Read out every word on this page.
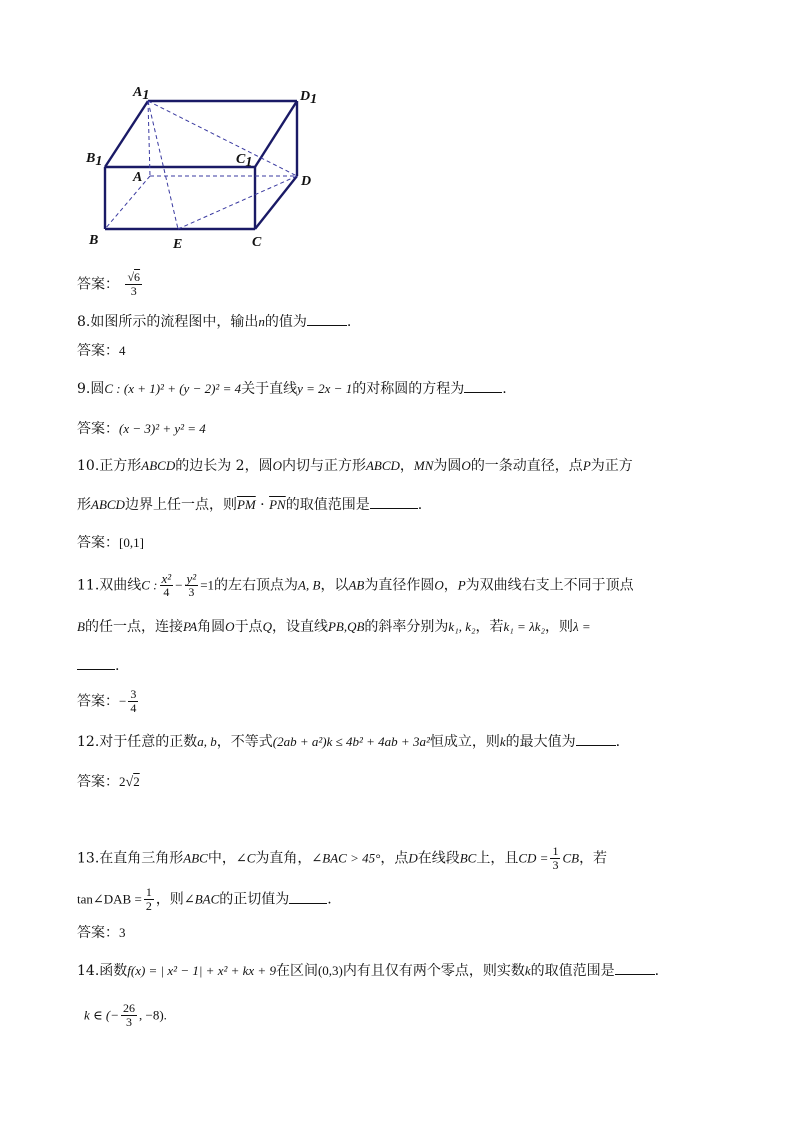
A1	D1
B1	C1
A	D
B	E	C
答案： $\frac{√6}{3}$
8.如图所示的流程图中，输出n的值为	.
答案：4
9.圆C : (x + 1)² + (y − 2)² = 4关于直线y = 2x − 1的对称圆的方程为	.
答案：(x − 3)² + y² = 4
10.正方形ABCD的边长为 2，圆O内切与正方形ABCD，MN为圆O的一条动直径，点P为正方
形ABCD边界上任一点，则$\overline{PM} \cdot \overline{PN}$的取值范围是	.
答案：[0,1]
11.双曲线C : $\frac{\text{x²}}{4} - \frac{\text{y²}}{3} =1$的左右顶点为A, B，以AB为直径作圆O，P为双曲线右支上不同于顶点
B的任一点，连接PA角圆O于点Q，设直线PB,QB的斜率分别为k₁, k₂，若k₁ = λk₂，则λ =
.
答案：− $\frac{3}{4}$
12.对于任意的正数a, b，不等式(2ab + a²)k ≤ 4b² + 4ab + 3a²恒成立，则k的最大值为	.
答案：2√2
13.在直角三角形ABC中，∠C为直角，∠BAC > 45°，点D在线段BC上，且CD = $\frac{1}{3}$ CB，若
tan∠DAB = $\frac{1}{2}$ ，则∠BAC的正切值为	.
答案：3
14.函数f(x) = | x² − 1| + x² + kx + 9在区间(0,3)内有且仅有两个零点，则实数k的取值范围是	.
k ∈ (− $\frac{26}{3}$ , −8).
